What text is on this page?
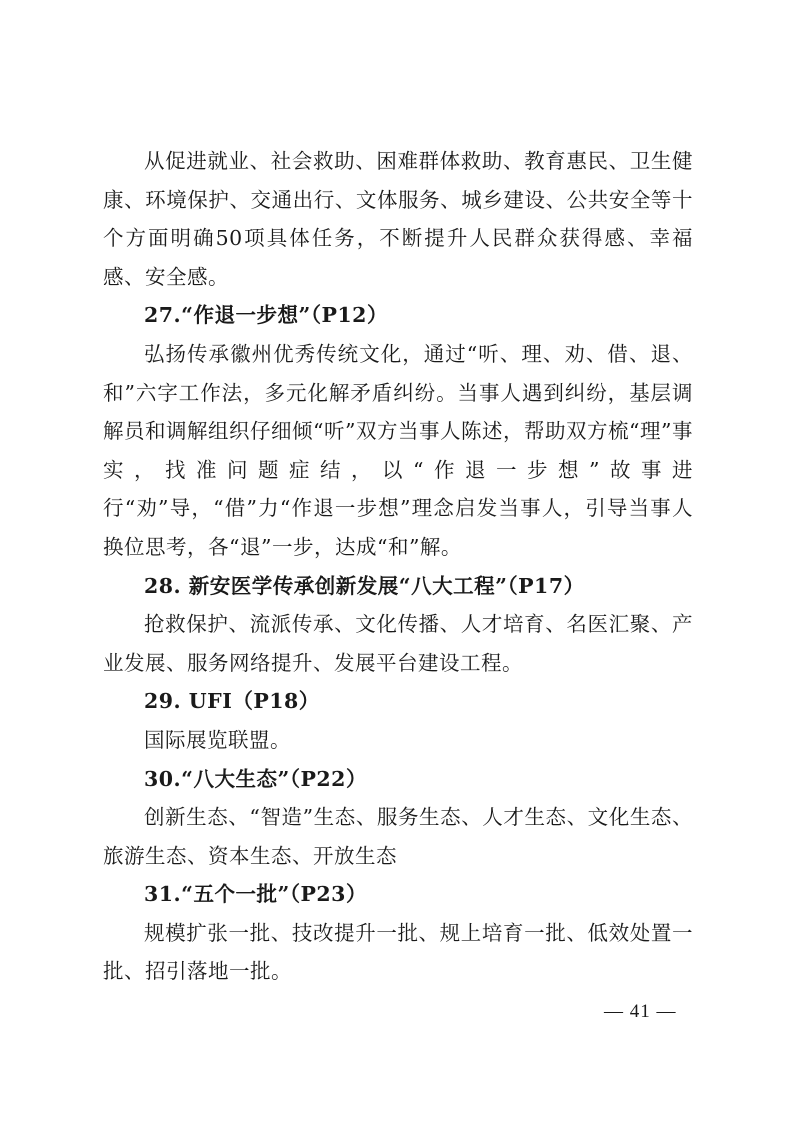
从促进就业、社会救助、困难群体救助、教育惠民、卫生健康、环境保护、交通出行、文体服务、城乡建设、公共安全等十个方面明确50项具体任务，不断提升人民群众获得感、幸福感、安全感。

27.“作退一步想”（P12）

弘扬传承徽州优秀传统文化，通过“听、理、劝、借、退、和”六字工作法，多元化解矛盾纠纷。当事人遇到纠纷，基层调解员和调解组织仔细倾“听”双方当事人陈述，帮助双方梳“理”事实，找准问题症结，以“作退一步想”故事进行“劝”导，“借”力“作退一步想”理念启发当事人，引导当事人换位思考，各“退”一步，达成“和”解。

28. 新安医学传承创新发展“八大工程”（P17）

抢救保护、流派传承、文化传播、人才培育、名医汇聚、产业发展、服务网络提升、发展平台建设工程。

29. UFI（P18）

国际展览联盟。

30.“八大生态”（P22）

创新生态、“智造”生态、服务生态、人才生态、文化生态、旅游生态、资本生态、开放生态

31.“五个一批”（P23）

规模扩张一批、技改提升一批、规上培育一批、低效处置一批、招引落地一批。

— 41 —
